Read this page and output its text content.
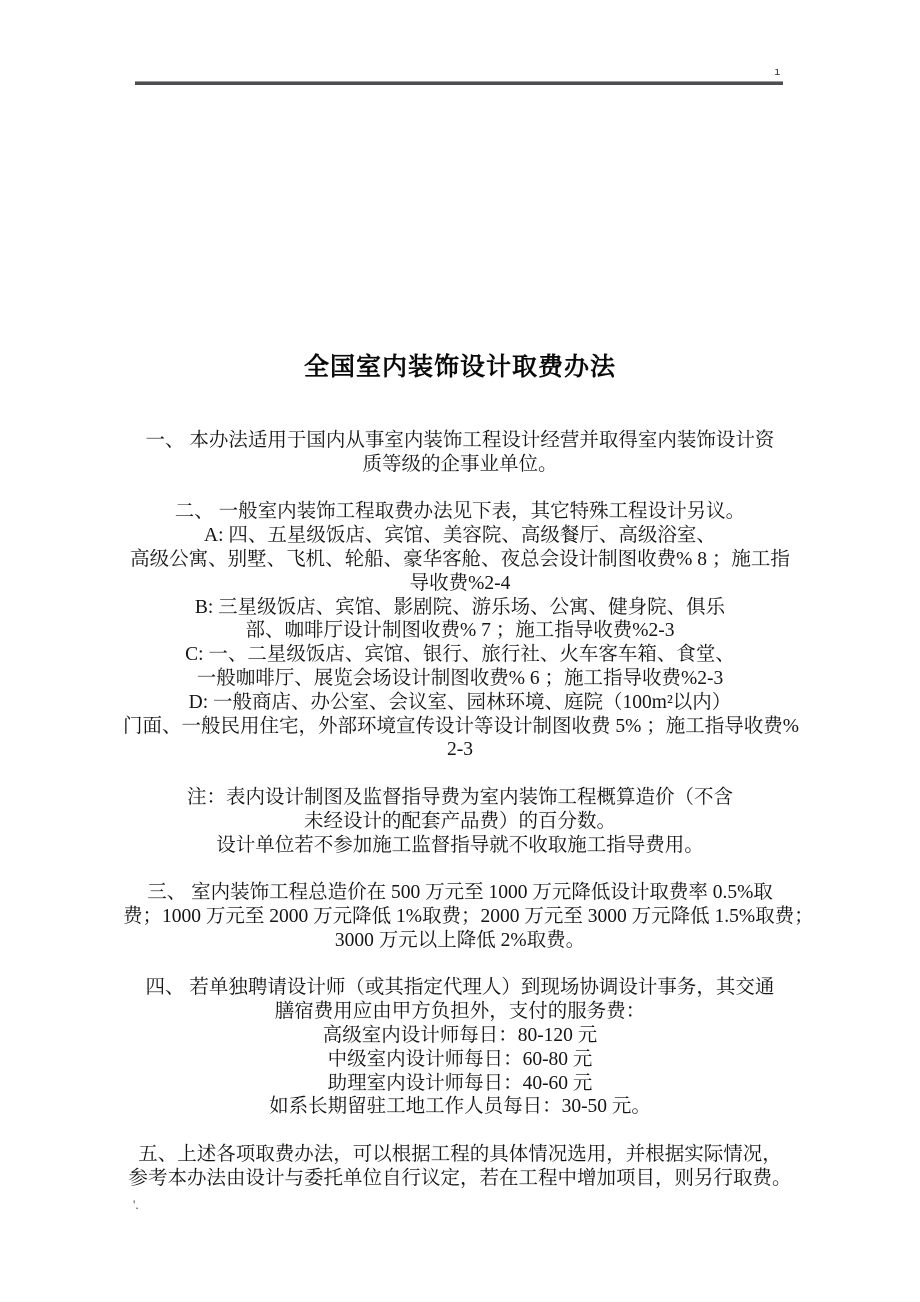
ı
全国室内装饰设计取费办法
一、 本办法适用于国内从事室内装饰工程设计经营并取得室内装饰设计资
质等级的企事业单位。
二、 一般室内装饰工程取费办法见下表，其它特殊工程设计另议。
A: 四、五星级饭店、宾馆、美容院、高级餐厅、高级浴室、
高级公寓、别墅、飞机、轮船、豪华客舱、夜总会设计制图收费% 8 ；施工指
导收费%2-4
B: 三星级饭店、宾馆、影剧院、游乐场、公寓、健身院、俱乐
部、咖啡厅设计制图收费% 7 ；施工指导收费%2-3
C: 一、二星级饭店、宾馆、银行、旅行社、火车客车箱、食堂、
一般咖啡厅、展览会场设计制图收费% 6 ；施工指导收费%2-3
D: 一般商店、办公室、会议室、园林环境、庭院（100m²以内）
门面、一般民用住宅，外部环境宣传设计等设计制图收费 5% ；施工指导收费%
2-3
注：表内设计制图及监督指导费为室内装饰工程概算造价（不含
未经设计的配套产品费）的百分数。
设计单位若不参加施工监督指导就不收取施工指导费用。
三、 室内装饰工程总造价在 500 万元至 1000 万元降低设计取费率 0.5%取
费；1000 万元至 2000 万元降低 1%取费；2000 万元至 3000 万元降低 1.5%取费；
3000 万元以上降低 2%取费。
四、 若单独聘请设计师（或其指定代理人）到现场协调设计事务，其交通
膳宿费用应由甲方负担外，支付的服务费：
高级室内设计师每日：80-120 元
中级室内设计师每日：60-80 元
助理室内设计师每日：40-60 元
如系长期留驻工地工作人员每日：30-50 元。
五、上述各项取费办法，可以根据工程的具体情况选用，并根据实际情况，
参考本办法由设计与委托单位自行议定，若在工程中增加项目，则另行取费。
'.
